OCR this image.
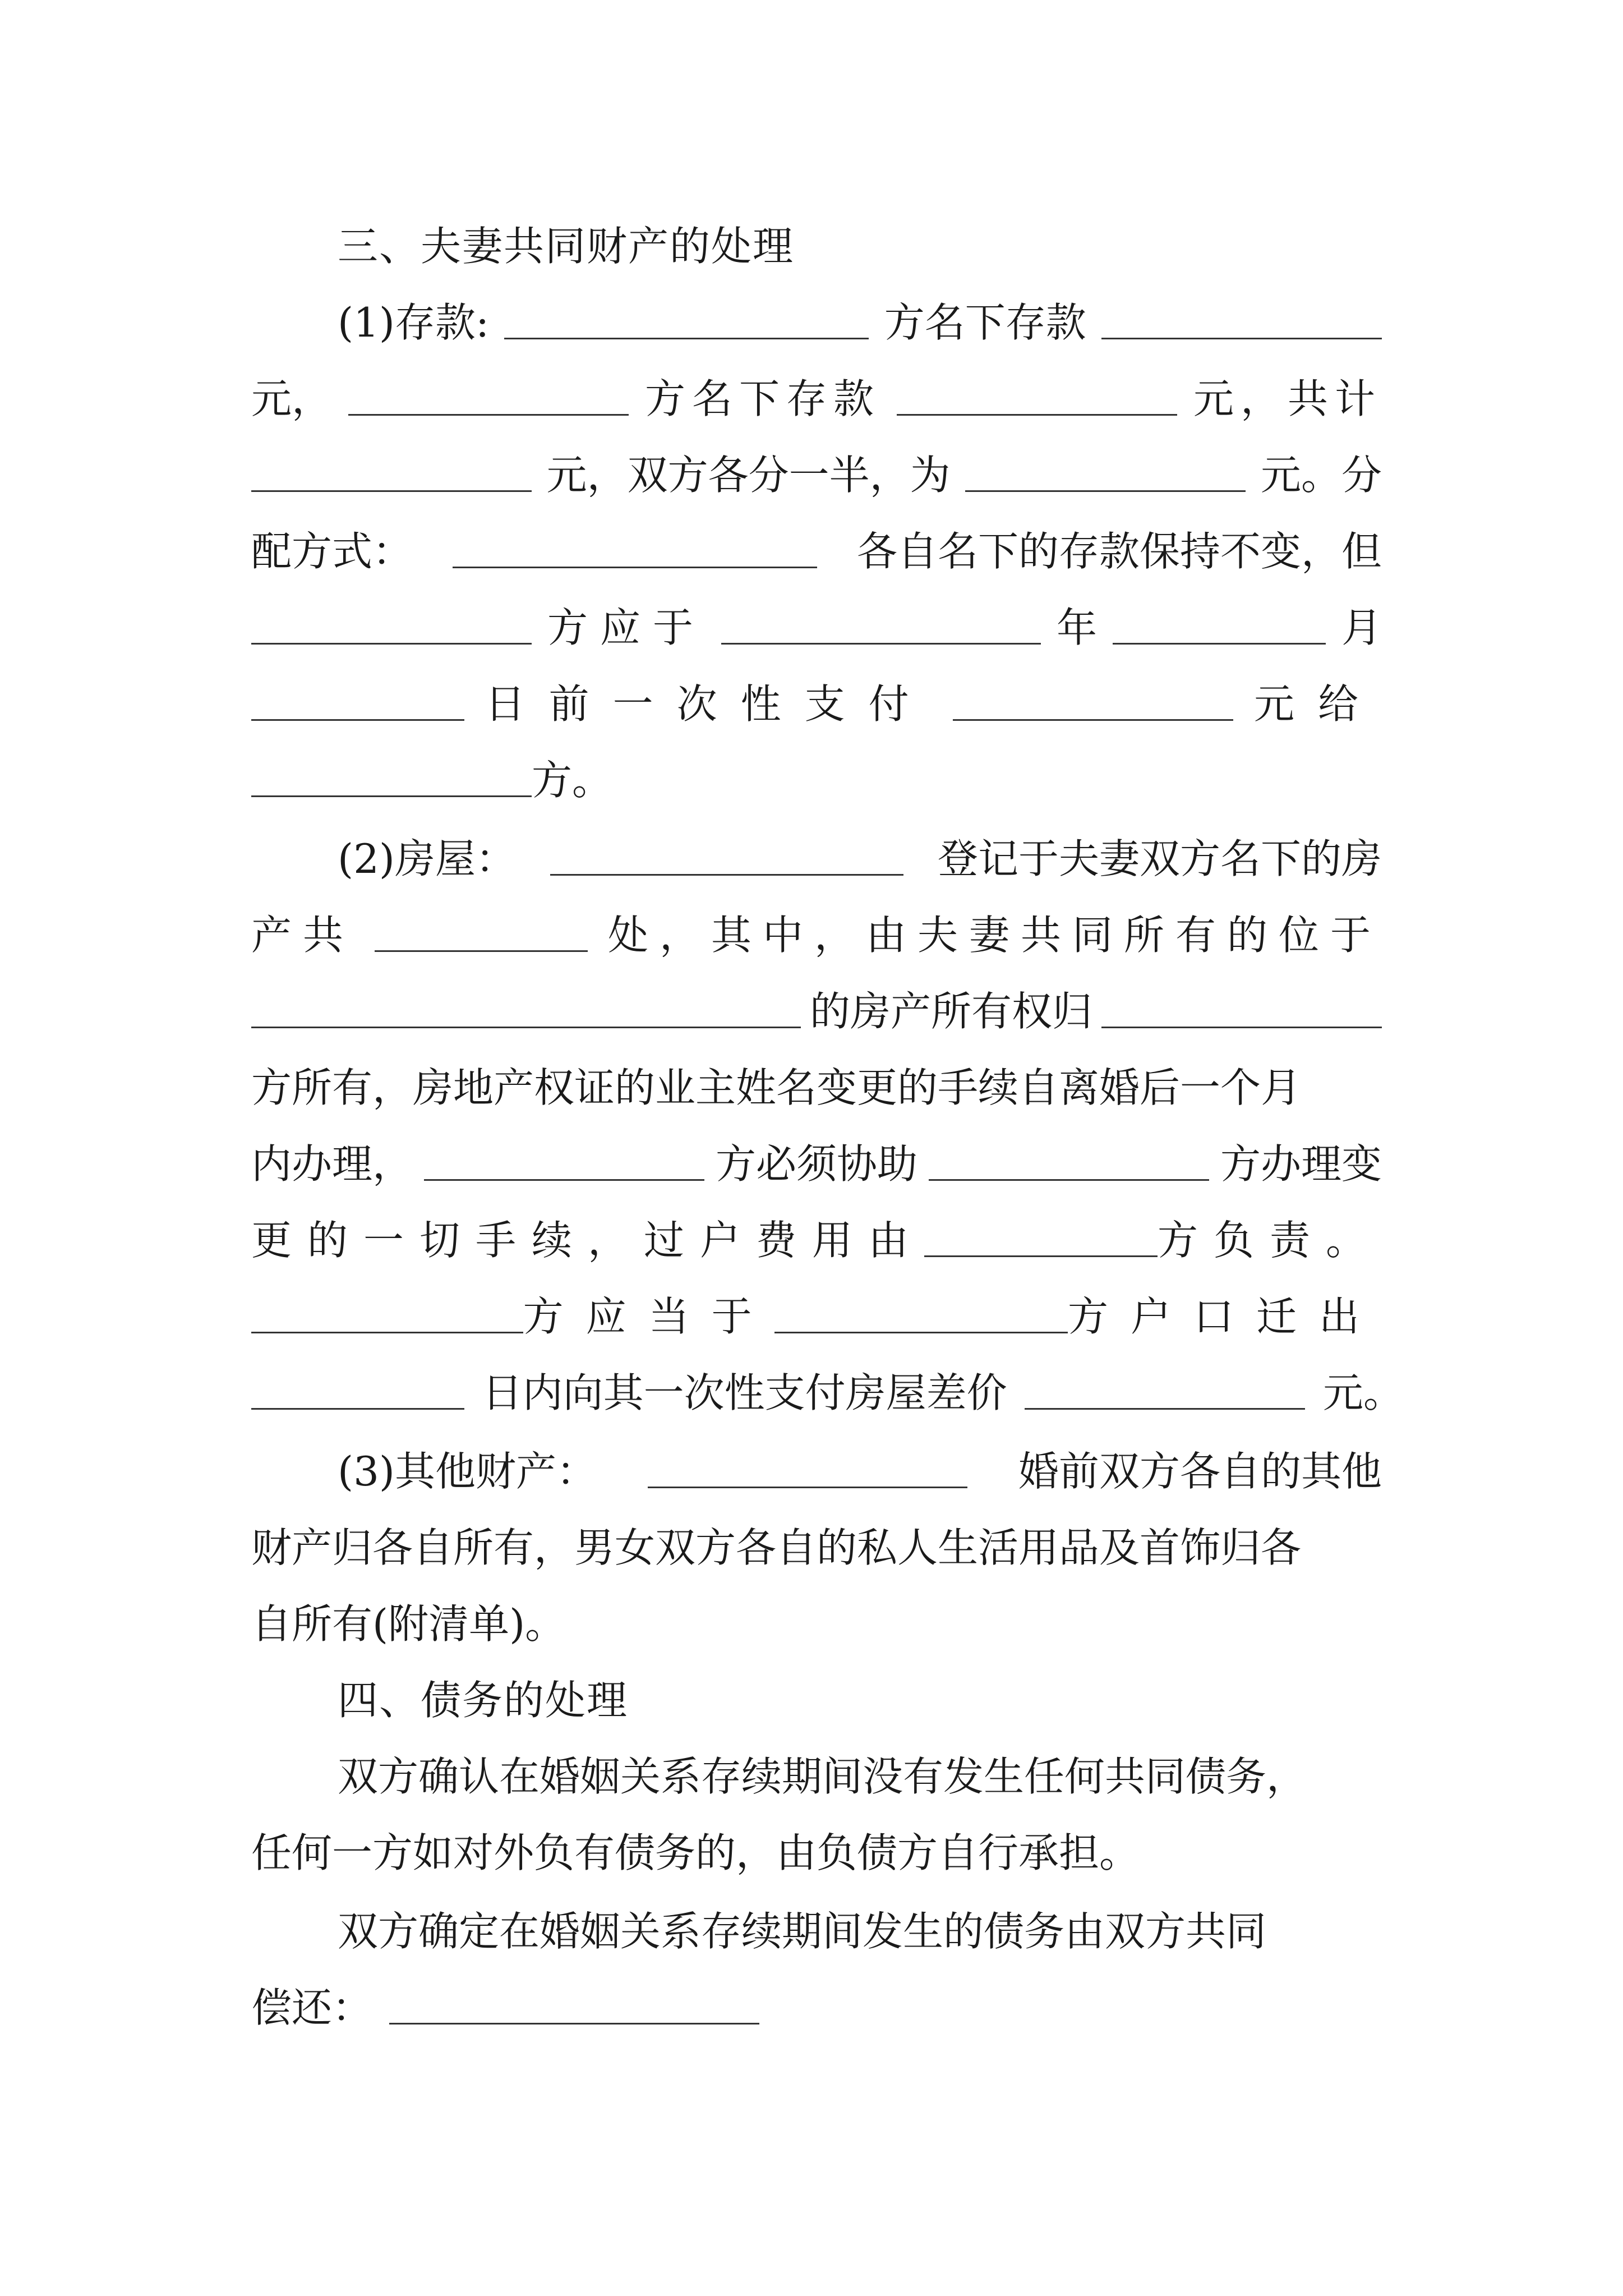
三、夫妻共同财产的处理
(1)存款:	方名下存款
元，	方名下存款	元，共计
元，双方各分一半，为	元。分
配方式：	各自名下的存款保持不变，但
方应于	年	月
日前一次性支付	元给
方。
(2)房屋：	登记于夫妻双方名下的房
产共	处，其中，由夫妻共同所有的位于
的房产所有权归
方所有，房地产权证的业主姓名变更的手续自离婚后一个月
内办理，	方必须协助	方办理变
更的一切手续，过户费用由	方负责。
方应当于	方户口迁出
日内向其一次性支付房屋差价	元。
(3)其他财产：	婚前双方各自的其他
财产归各自所有，男女双方各自的私人生活用品及首饰归各
自所有(附清单)。
四、债务的处理
双方确认在婚姻关系存续期间没有发生任何共同债务，
任何一方如对外负有债务的，由负债方自行承担。
双方确定在婚姻关系存续期间发生的债务由双方共同
偿还：
